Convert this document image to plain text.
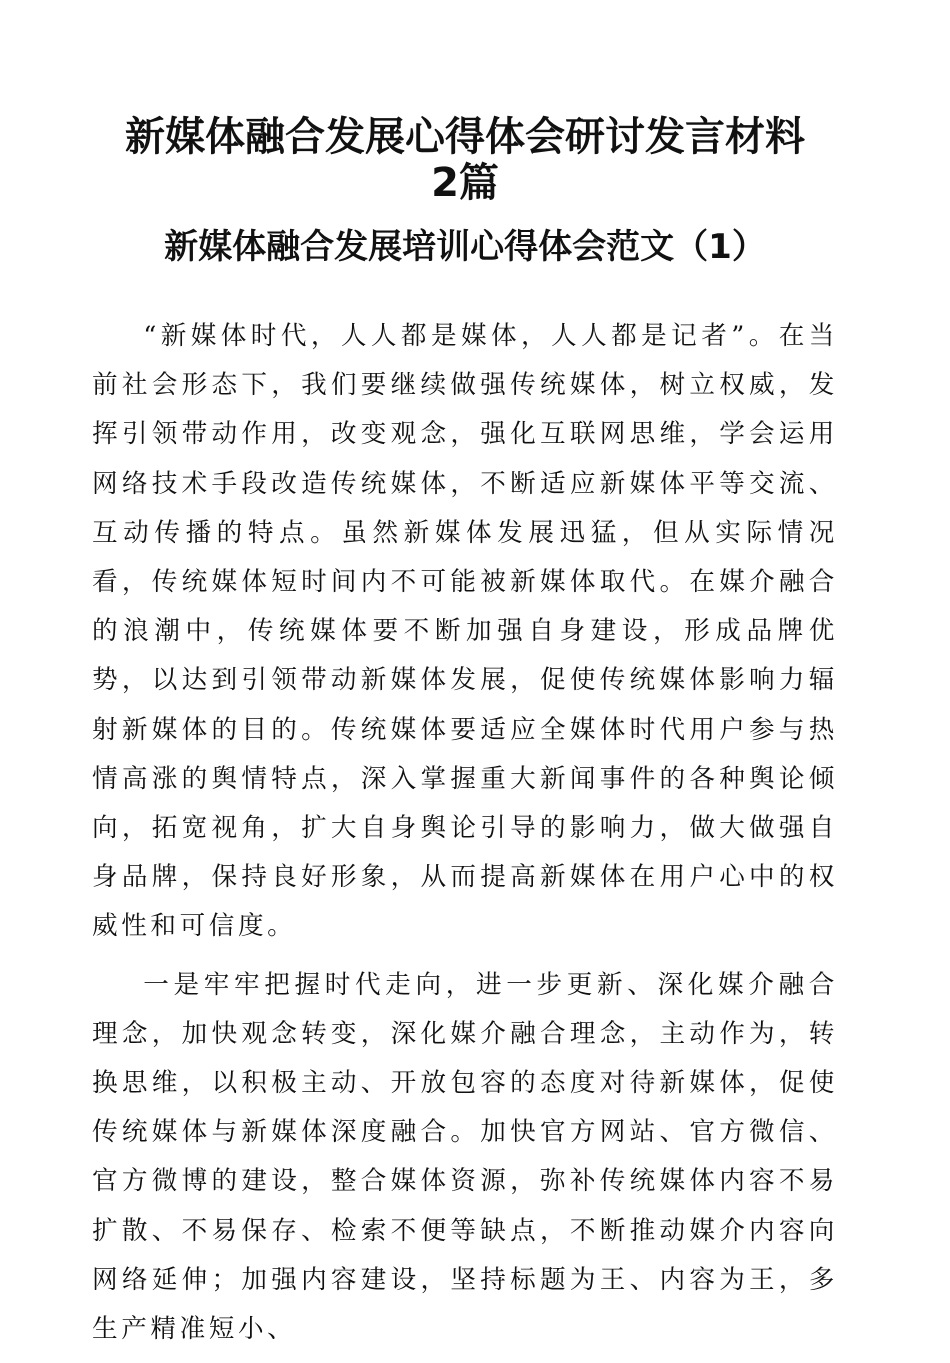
新媒体融合发展心得体会研讨发言材料
2篇
新媒体融合发展培训心得体会范文（1）

“新媒体时代，人人都是媒体，人人都是记者”。在当前社会形态下，我们要继续做强传统媒体，树立权威，发挥引领带动作用，改变观念，强化互联网思维，学会运用网络技术手段改造传统媒体，不断适应新媒体平等交流、互动传播的特点。虽然新媒体发展迅猛，但从实际情况看，传统媒体短时间内不可能被新媒体取代。在媒介融合的浪潮中，传统媒体要不断加强自身建设，形成品牌优势，以达到引领带动新媒体发展，促使传统媒体影响力辐射新媒体的目的。传统媒体要适应全媒体时代用户参与热情高涨的舆情特点，深入掌握重大新闻事件的各种舆论倾向，拓宽视角，扩大自身舆论引导的影响力，做大做强自身品牌，保持良好形象，从而提高新媒体在用户心中的权威性和可信度。

一是牢牢把握时代走向，进一步更新、深化媒介融合理念，加快观念转变，深化媒介融合理念，主动作为，转换思维，以积极主动、开放包容的态度对待新媒体，促使传统媒体与新媒体深度融合。加快官方网站、官方微信、官方微博的建设，整合媒体资源，弥补传统媒体内容不易扩散、不易保存、检索不便等缺点，不断推动媒介内容向网络延伸；加强内容建设，坚持标题为王、内容为王，多生产精准短小、
